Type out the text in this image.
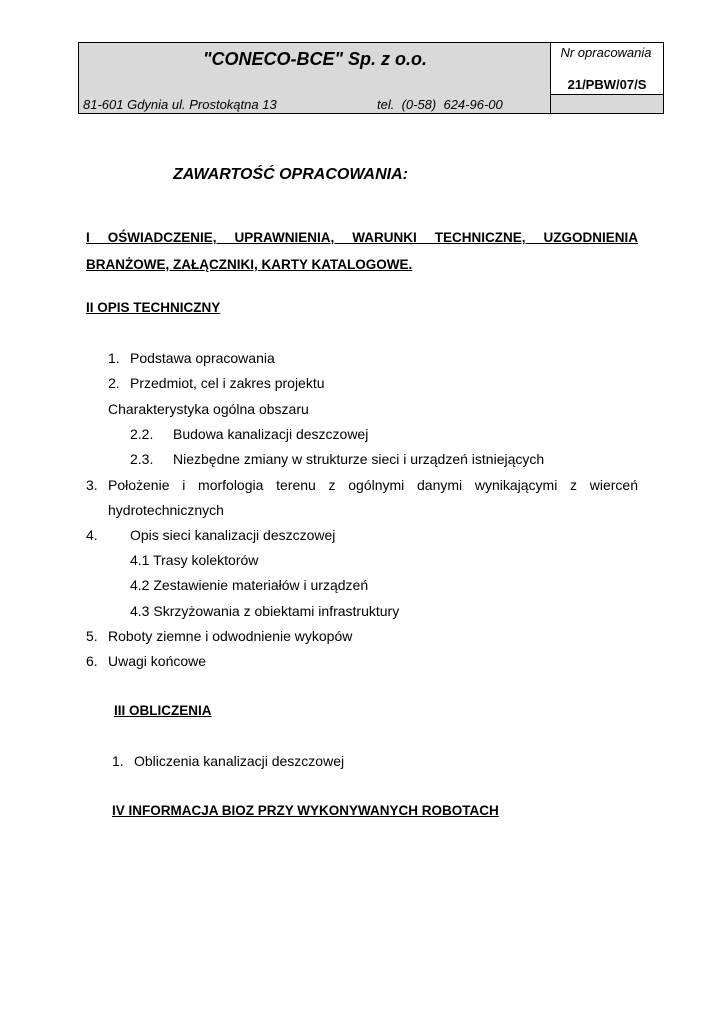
"CONECO-BCE" Sp. z o.o.
81-601 Gdynia ul. Prostokątna 13	tel.  (0-58)  624-96-00
Nr opracowania
21/PBW/07/S
ZAWARTOŚĆ OPRACOWANIA:
I OŚWIADCZENIE, UPRAWNIENIA, WARUNKI TECHNICZNE, UZGODNIENIA BRANŻOWE, ZAŁĄCZNIKI, KARTY KATALOGOWE.
II OPIS TECHNICZNY
1. Podstawa opracowania
2. Przedmiot, cel i zakres projektu
Charakterystyka ogólna obszaru
2.2. Budowa kanalizacji deszczowej
2.3. Niezbędne zmiany w strukturze sieci i urządzeń istniejących
3. Położenie i morfologia terenu z ogólnymi danymi wynikającymi z wierceń hydrotechnicznych
4. Opis sieci kanalizacji deszczowej
4.1 Trasy kolektorów
4.2 Zestawienie materiałów i urządzeń
4.3 Skrzyżowania z obiektami infrastruktury
5. Roboty ziemne i odwodnienie wykopów
6. Uwagi końcowe
III OBLICZENIA
1. Obliczenia kanalizacji deszczowej
IV INFORMACJA BIOZ PRZY WYKONYWANYCH ROBOTACH
